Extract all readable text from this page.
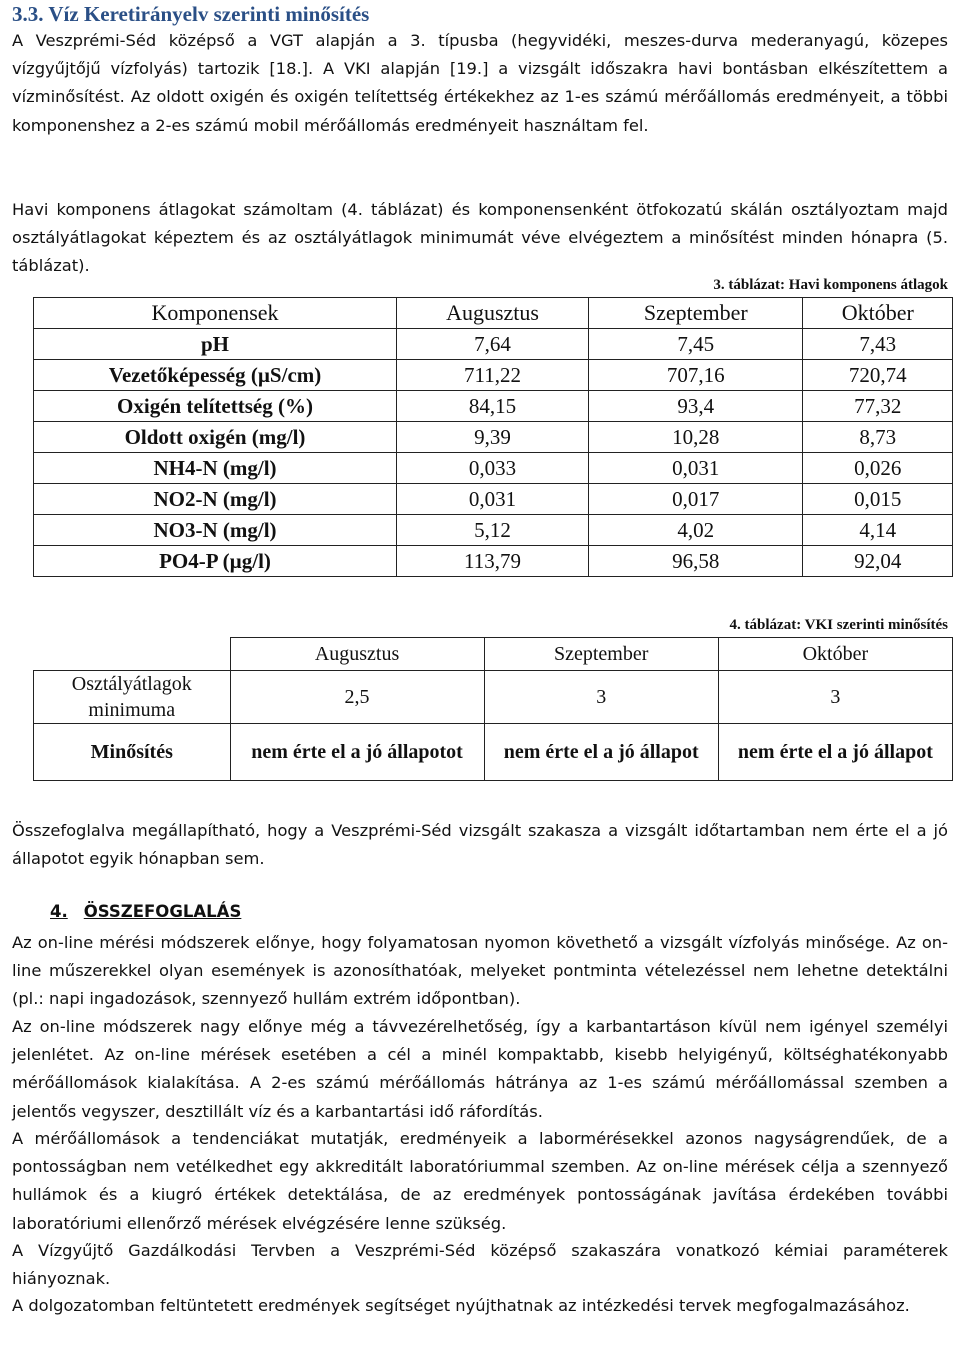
3.3. Víz Keretirányelv szerinti minősítés

A Veszprémi-Séd középső a VGT alapján a 3. típusba (hegyvidéki, meszes-durva mederanyagú, közepes vízgyűjtőjű vízfolyás) tartozik [18.]. A VKI alapján [19.] a vizsgált időszakra havi bontásban elkészítettem a vízminősítést. Az oldott oxigén és oxigén telítettség értékekhez az 1-es számú mérőállomás eredményeit, a többi komponenshez a 2-es számú mobil mérőállomás eredményeit használtam fel.

Havi komponens átlagokat számoltam (4. táblázat) és komponensenként ötfokozatú skálán osztályoztam majd osztályátlagokat képeztem és az osztályátlagok minimumát véve elvégeztem a minősítést minden hónapra (5. táblázat).

3. táblázat: Havi komponens átlagok

Komponensek	Augusztus	Szeptember	Október
pH	7,64	7,45	7,43
Vezetőképesség (µS/cm)	711,22	707,16	720,74
Oxigén telítettség (%)	84,15	93,4	77,32
Oldott oxigén (mg/l)	9,39	10,28	8,73
NH4-N (mg/l)	0,033	0,031	0,026
NO2-N (mg/l)	0,031	0,017	0,015
NO3-N (mg/l)	5,12	4,02	4,14
PO4-P (µg/l)	113,79	96,58	92,04

4. táblázat: VKI szerinti minősítés

	Augusztus	Szeptember	Október
Osztályátlagok minimuma	2,5	3	3
Minősítés	nem érte el a jó állapotot	nem érte el a jó állapot	nem érte el a jó állapot

Összefoglalva megállapítható, hogy a Veszprémi-Séd vizsgált szakasza a vizsgált időtartamban nem érte el a jó állapotot egyik hónapban sem.

4. ÖSSZEFOGLALÁS

Az on-line mérési módszerek előnye, hogy folyamatosan nyomon követhető a vizsgált vízfolyás minősége. Az on-line műszerekkel olyan események is azonosíthatóak, melyeket pontminta vételezéssel nem lehetne detektálni (pl.: napi ingadozások, szennyező hullám extrém időpontban).

Az on-line módszerek nagy előnye még a távvezérelhetőség, így a karbantartáson kívül nem igényel személyi jelenlétet. Az on-line mérések esetében a cél a minél kompaktabb, kisebb helyigényű, költséghatékonyabb mérőállomások kialakítása. A 2-es számú mérőállomás hátránya az 1-es számú mérőállomással szemben a jelentős vegyszer, desztillált víz és a karbantartási idő ráfordítás.

A mérőállomások a tendenciákat mutatják, eredményeik a labormérésekkel azonos nagyságrendűek, de a pontosságban nem vetélkedhet egy akkreditált laboratóriummal szemben. Az on-line mérések célja a szennyező hullámok és a kiugró értékek detektálása, de az eredmények pontosságának javítása érdekében további laboratóriumi ellenőrző mérések elvégzésére lenne szükség.

A Vízgyűjtő Gazdálkodási Tervben a Veszprémi-Séd középső szakaszára vonatkozó kémiai paraméterek hiányoznak.

A dolgozatomban feltüntetett eredmények segítséget nyújthatnak az intézkedési tervek megfogalmazásához.
